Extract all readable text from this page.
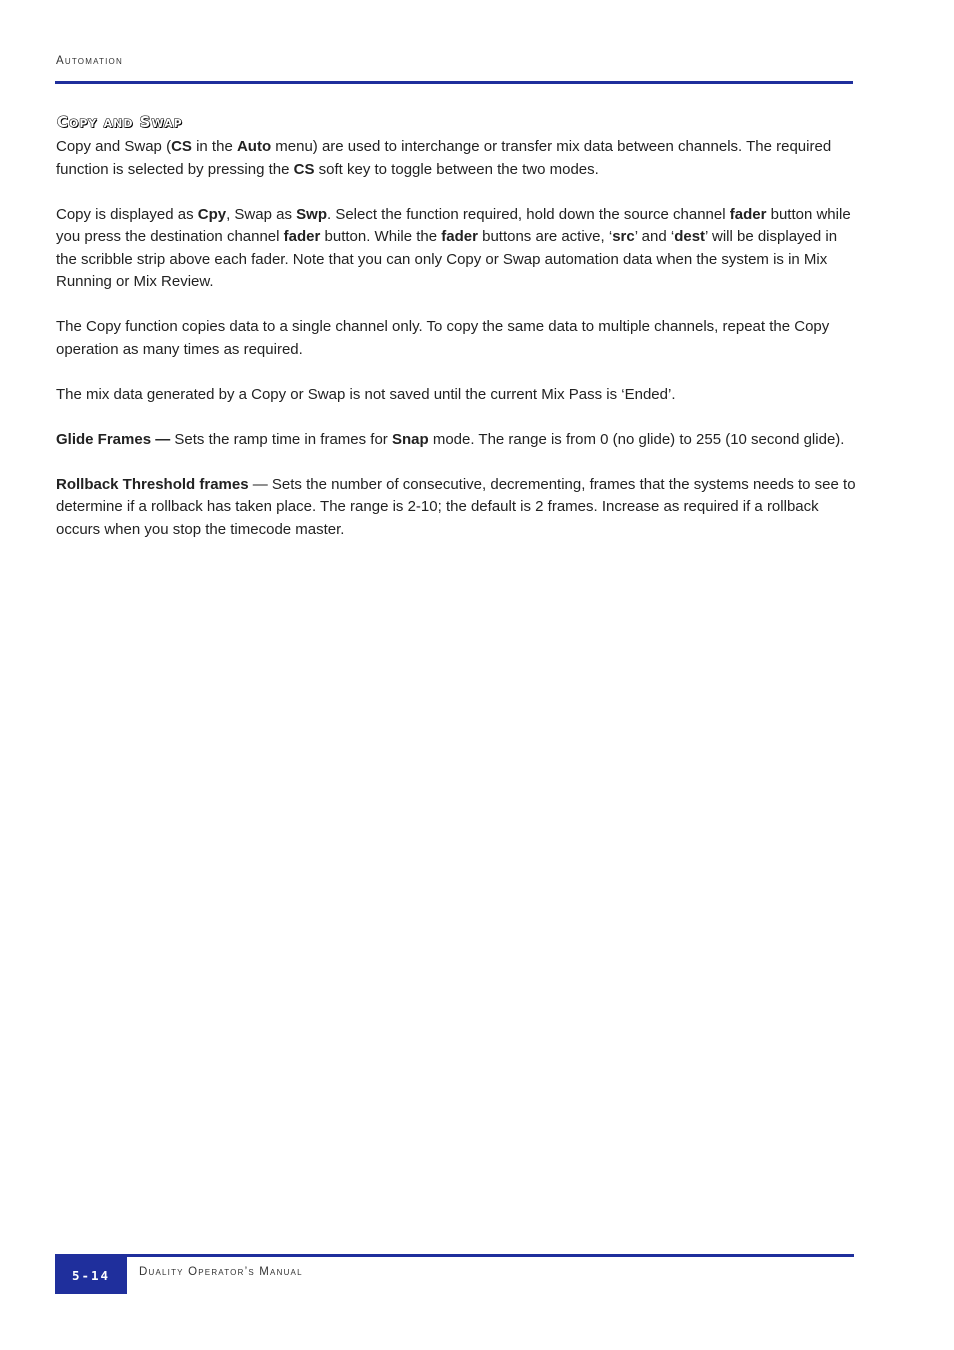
Automation
Copy and Swap

Copy and Swap (CS in the Auto menu) are used to interchange or transfer mix data between channels. The required function is selected by pressing the CS soft key to toggle between the two modes.

Copy is displayed as Cpy, Swap as Swp. Select the function required, hold down the source channel fader button while you press the destination channel fader button. While the fader buttons are active, ‘src’ and ‘dest’ will be displayed in the scribble strip above each fader. Note that you can only Copy or Swap automation data when the system is in Mix Running or Mix Review.

The Copy function copies data to a single channel only. To copy the same data to multiple channels, repeat the Copy operation as many times as required.

The mix data generated by a Copy or Swap is not saved until the current Mix Pass is ‘Ended’.

Glide Frames — Sets the ramp time in frames for Snap mode. The range is from 0 (no glide) to 255 (10 second glide).

Rollback Threshold frames — Sets the number of consecutive, decrementing, frames that the systems needs to see to determine if a rollback has taken place. The range is 2-10; the default is 2 frames. Increase as required if a rollback occurs when you stop the timecode master.

5-14	Duality Operator’s Manual
